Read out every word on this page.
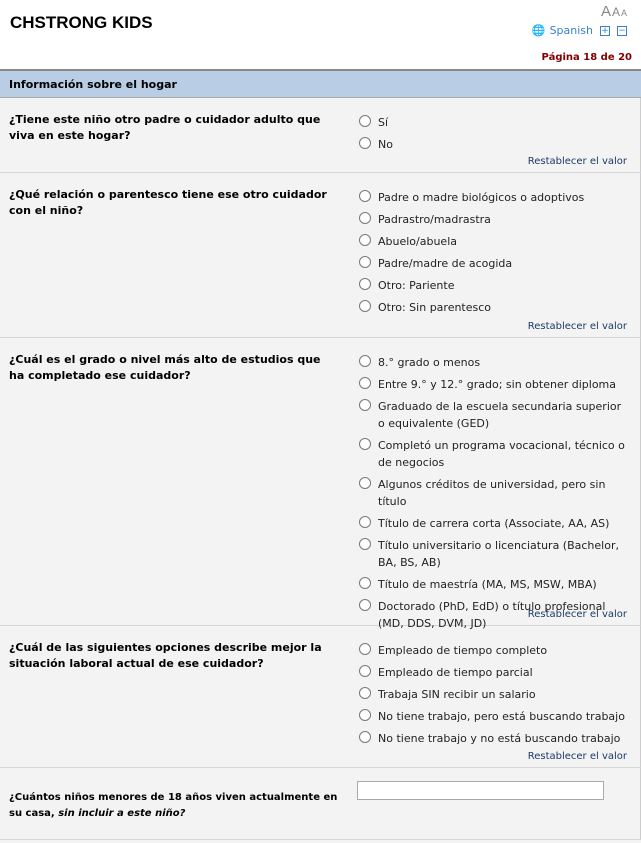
CHSTRONG KIDS
AAA
🌐 Spanish + −
Página 18 de 20
Información sobre el hogar
¿Tiene este niño otro padre o cuidador adulto que viva en este hogar?
Sí
No
Restablecer el valor
¿Qué relación o parentesco tiene ese otro cuidador con el niño?
Padre o madre biológicos o adoptivos
Padrastro/madrastra
Abuelo/abuela
Padre/madre de acogida
Otro: Pariente
Otro: Sin parentesco
Restablecer el valor
¿Cuál es el grado o nivel más alto de estudios que ha completado ese cuidador?
8.° grado o menos
Entre 9.° y 12.° grado; sin obtener diploma
Graduado de la escuela secundaria superior o equivalente (GED)
Completó un programa vocacional, técnico o de negocios
Algunos créditos de universidad, pero sin título
Título de carrera corta (Associate, AA, AS)
Título universitario o licenciatura (Bachelor, BA, BS, AB)
Título de maestría (MA, MS, MSW, MBA)
Doctorado (PhD, EdD) o título profesional (MD, DDS, DVM, JD)
Restablecer el valor
¿Cuál de las siguientes opciones describe mejor la situación laboral actual de ese cuidador?
Empleado de tiempo completo
Empleado de tiempo parcial
Trabaja SIN recibir un salario
No tiene trabajo, pero está buscando trabajo
No tiene trabajo y no está buscando trabajo
Restablecer el valor
¿Cuántos niños menores de 18 años viven actualmente en su casa, sin incluir a este niño?
